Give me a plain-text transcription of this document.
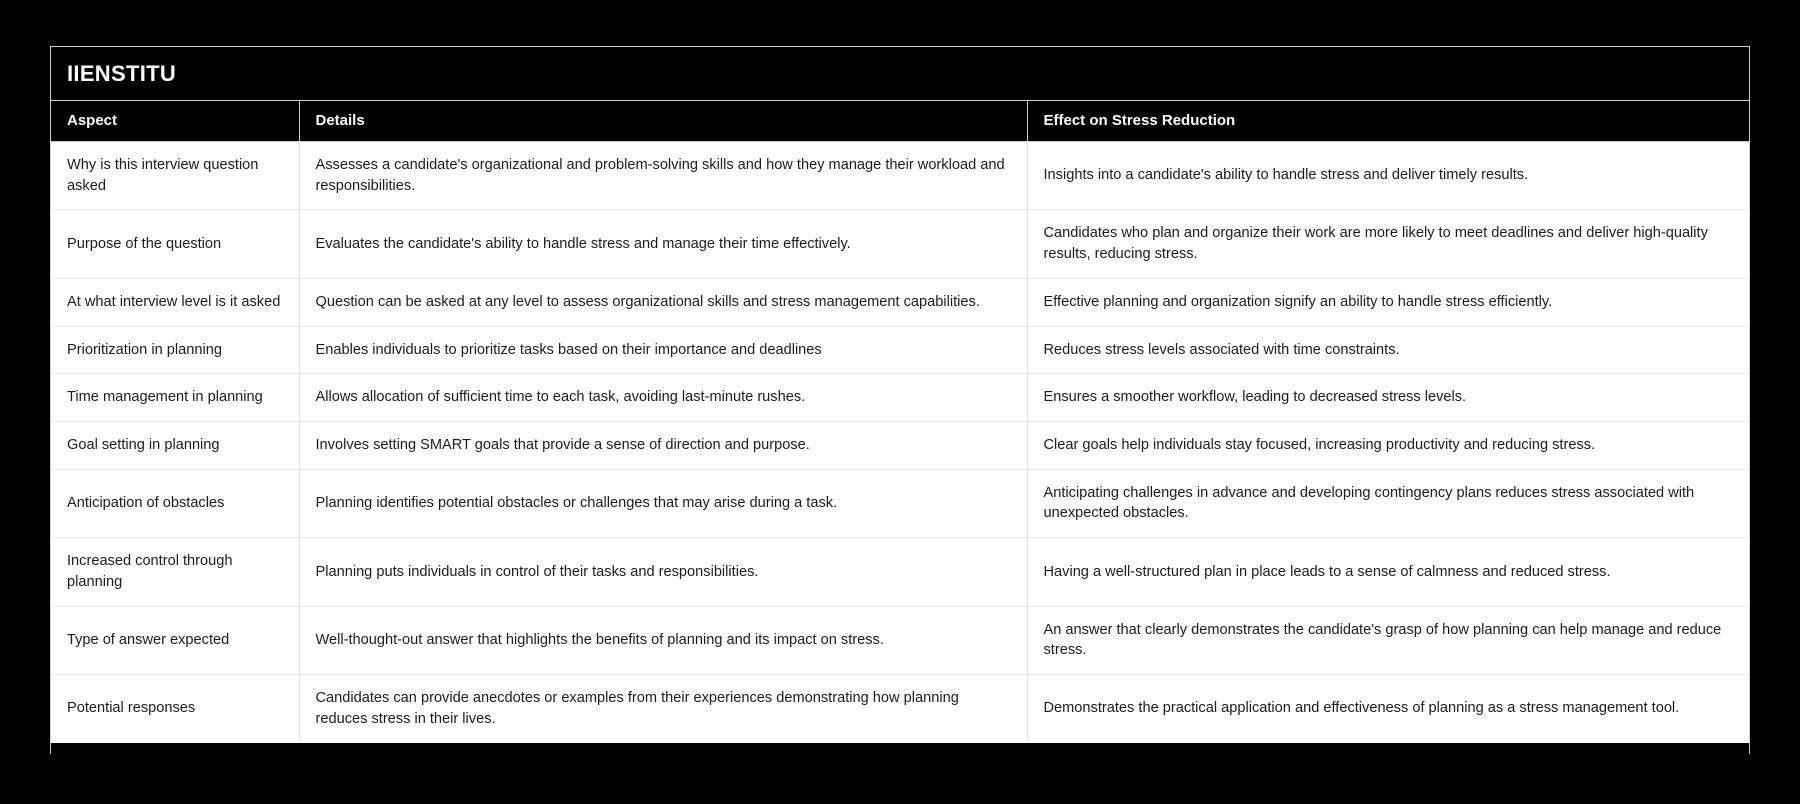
IIENSTITU
Aspect	Details	Effect on Stress Reduction
Why is this interview question asked	Assesses a candidate's organizational and problem-solving skills and how they manage their workload and responsibilities.	Insights into a candidate's ability to handle stress and deliver timely results.
Purpose of the question	Evaluates the candidate's ability to handle stress and manage their time effectively.	Candidates who plan and organize their work are more likely to meet deadlines and deliver high-quality results, reducing stress.
At what interview level is it asked	Question can be asked at any level to assess organizational skills and stress management capabilities.	Effective planning and organization signify an ability to handle stress efficiently.
Prioritization in planning	Enables individuals to prioritize tasks based on their importance and deadlines	Reduces stress levels associated with time constraints.
Time management in planning	Allows allocation of sufficient time to each task, avoiding last-minute rushes.	Ensures a smoother workflow, leading to decreased stress levels.
Goal setting in planning	Involves setting SMART goals that provide a sense of direction and purpose.	Clear goals help individuals stay focused, increasing productivity and reducing stress.
Anticipation of obstacles	Planning identifies potential obstacles or challenges that may arise during a task.	Anticipating challenges in advance and developing contingency plans reduces stress associated with unexpected obstacles.
Increased control through planning	Planning puts individuals in control of their tasks and responsibilities.	Having a well-structured plan in place leads to a sense of calmness and reduced stress.
Type of answer expected	Well-thought-out answer that highlights the benefits of planning and its impact on stress.	An answer that clearly demonstrates the candidate's grasp of how planning can help manage and reduce stress.
Potential responses	Candidates can provide anecdotes or examples from their experiences demonstrating how planning reduces stress in their lives.	Demonstrates the practical application and effectiveness of planning as a stress management tool.
